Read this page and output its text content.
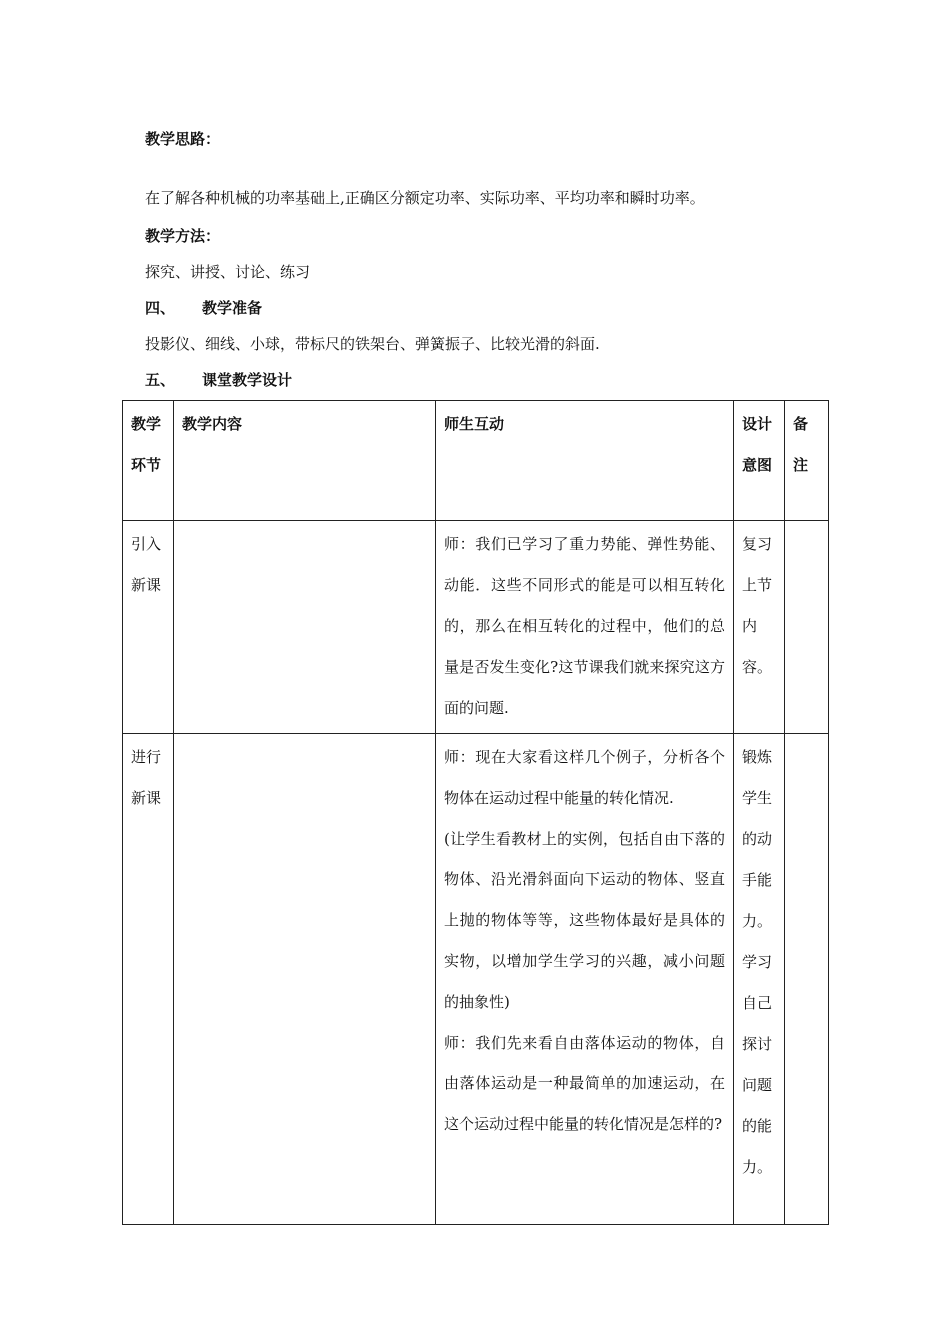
教学思路：
在了解各种机械的功率基础上,正确区分额定功率、实际功率、平均功率和瞬时功率。
教学方法：
探究、讲授、讨论、练习
四、 教学准备
投影仪、细线、小球，带标尺的铁架台、弹簧振子、比较光滑的斜面.
五、 课堂教学设计
教学环节	教学内容	师生互动	设计意图	备注
引入新课		师：我们已学习了重力势能、弹性势能、动能．这些不同形式的能是可以相互转化的，那么在相互转化的过程中，他们的总量是否发生变化?这节课我们就来探究这方面的问题.	复习上节内容。	
进行新课		师：现在大家看这样几个例子，分析各个物体在运动过程中能量的转化情况.
(让学生看教材上的实例，包括自由下落的物体、沿光滑斜面向下运动的物体、竖直上抛的物体等等，这些物体最好是具体的实物，以增加学生学习的兴趣，减小问题的抽象性)
师：我们先来看自由落体运动的物体，自由落体运动是一种最简单的加速运动，在这个运动过程中能量的转化情况是怎样的?	锻炼学生的动手能力。学习自己探讨问题的能力。	
